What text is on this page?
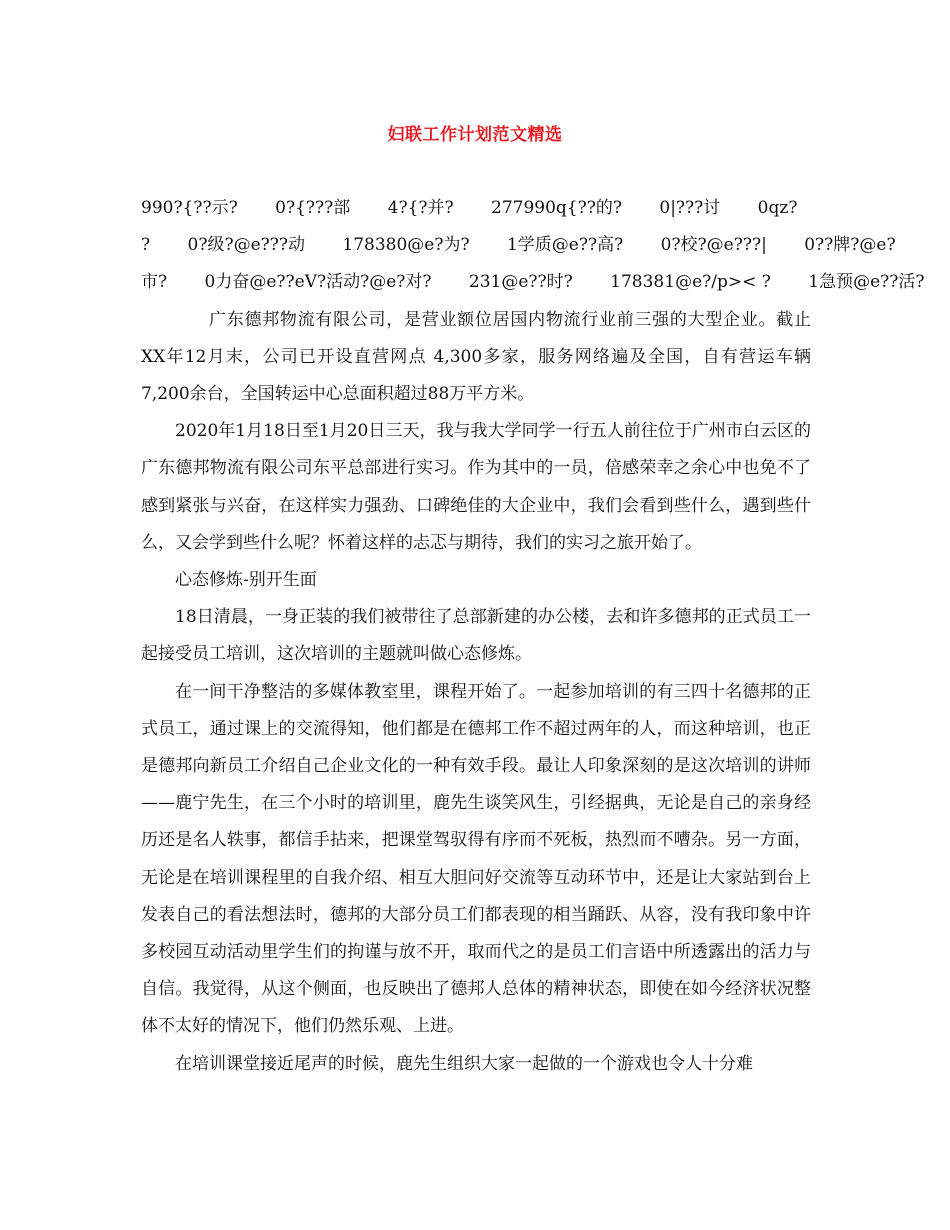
妇联工作计划范文精选
990?{??示? 0?{???部 4?{?并? 277990q{??的? 0|???讨 0qz?
? 0?级?@e???动 178380@e?为? 1学质@e??高? 0?校?@e???| 0??牌?@e?
市? 0力奋@e??eV?活动?@e?对? 231@e??时? 178381@e?/p>< ? 1急预@e??活?

广东德邦物流有限公司，是营业额位居国内物流行业前三强的大型企业。截止XX年12月末，公司已开设直营网点 4,300多家，服务网络遍及全国，自有营运车辆7,200余台，全国转运中心总面积超过88万平方米。

2020年1月18日至1月20日三天，我与我大学同学一行五人前往位于广州市白云区的广东德邦物流有限公司东平总部进行实习。作为其中的一员，倍感荣幸之余心中也免不了感到紧张与兴奋，在这样实力强劲、口碑绝佳的大企业中，我们会看到些什么，遇到些什么，又会学到些什么呢？怀着这样的忐忑与期待，我们的实习之旅开始了。

心态修炼-别开生面

18日清晨，一身正装的我们被带往了总部新建的办公楼，去和许多德邦的正式员工一起接受员工培训，这次培训的主题就叫做心态修炼。

在一间干净整洁的多媒体教室里，课程开始了。一起参加培训的有三四十名德邦的正式员工，通过课上的交流得知，他们都是在德邦工作不超过两年的人，而这种培训，也正是德邦向新员工介绍自己企业文化的一种有效手段。最让人印象深刻的是这次培训的讲师——鹿宁先生，在三个小时的培训里，鹿先生谈笑风生，引经据典，无论是自己的亲身经历还是名人轶事，都信手拈来，把课堂驾驭得有序而不死板，热烈而不嘈杂。另一方面，无论是在培训课程里的自我介绍、相互大胆问好交流等互动环节中，还是让大家站到台上发表自己的看法想法时，德邦的大部分员工们都表现的相当踊跃、从容，没有我印象中许多校园互动活动里学生们的拘谨与放不开，取而代之的是员工们言语中所透露出的活力与自信。我觉得，从这个侧面，也反映出了德邦人总体的精神状态，即使在如今经济状况整体不太好的情况下，他们仍然乐观、上进。

在培训课堂接近尾声的时候，鹿先生组织大家一起做的一个游戏也令人十分难
